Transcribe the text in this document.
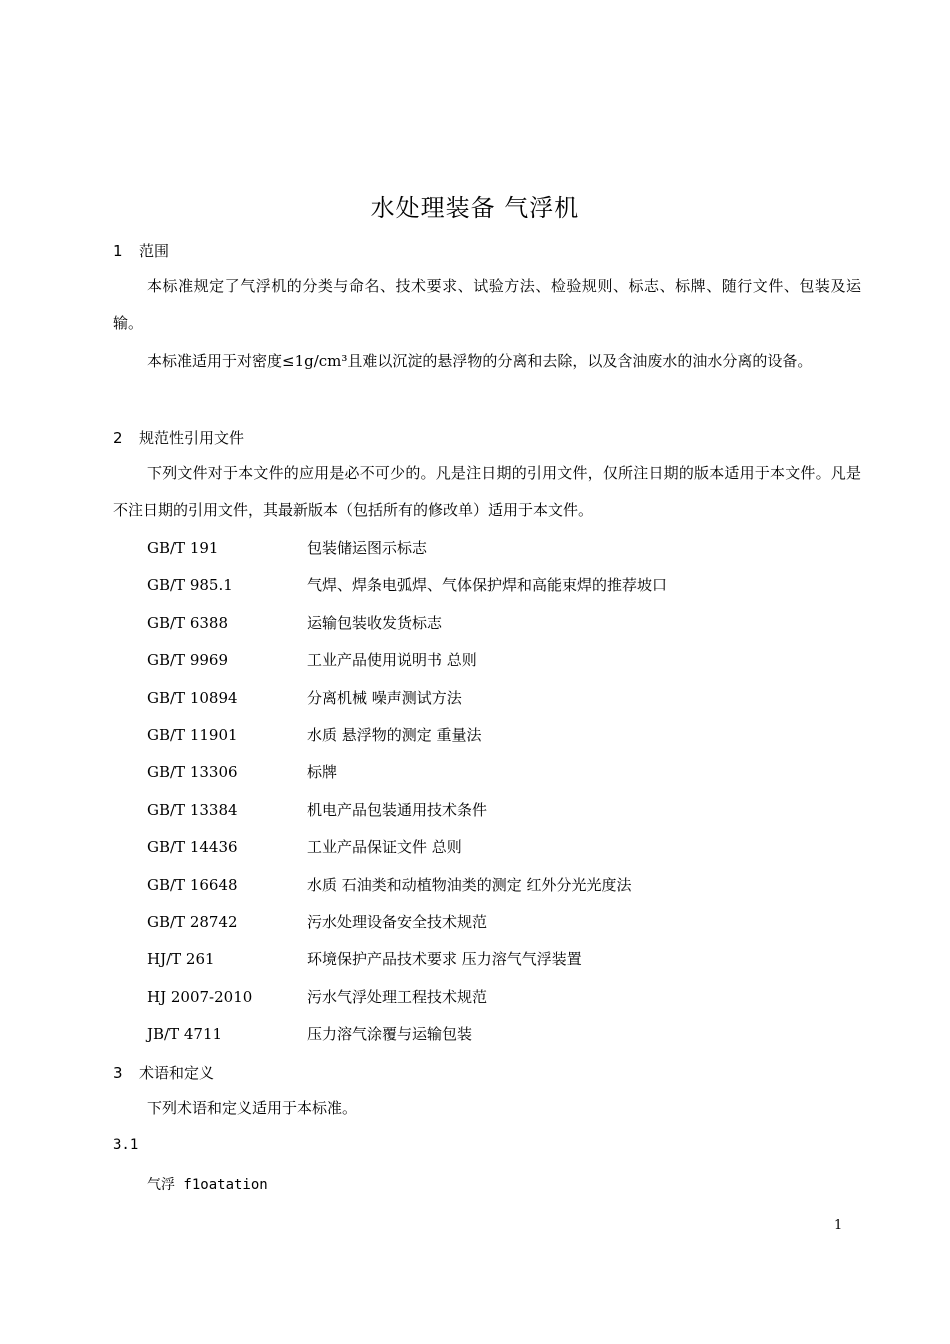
水处理装备 气浮机
1 范围
本标准规定了气浮机的分类与命名、技术要求、试验方法、检验规则、标志、标牌、随行文件、包装及运输。
本标准适用于对密度≤1g/cm³且难以沉淀的悬浮物的分离和去除，以及含油废水的油水分离的设备。
2 规范性引用文件
下列文件对于本文件的应用是必不可少的。凡是注日期的引用文件，仅所注日期的版本适用于本文件。凡是不注日期的引用文件，其最新版本（包括所有的修改单）适用于本文件。
GB/T 191	包装储运图示标志
GB/T 985.1	气焊、焊条电弧焊、气体保护焊和高能束焊的推荐坡口
GB/T 6388	运输包装收发货标志
GB/T 9969	工业产品使用说明书 总则
GB/T 10894	分离机械 噪声测试方法
GB/T 11901	水质 悬浮物的测定 重量法
GB/T 13306	标牌
GB/T 13384	机电产品包装通用技术条件
GB/T 14436	工业产品保证文件 总则
GB/T 16648	水质 石油类和动植物油类的测定 红外分光光度法
GB/T 28742	污水处理设备安全技术规范
HJ/T 261	环境保护产品技术要求 压力溶气气浮装置
HJ 2007-2010	污水气浮处理工程技术规范
JB/T 4711	压力溶气涂覆与运输包装
3 术语和定义
下列术语和定义适用于本标准。
3.1
气浮 f1oatation
1
